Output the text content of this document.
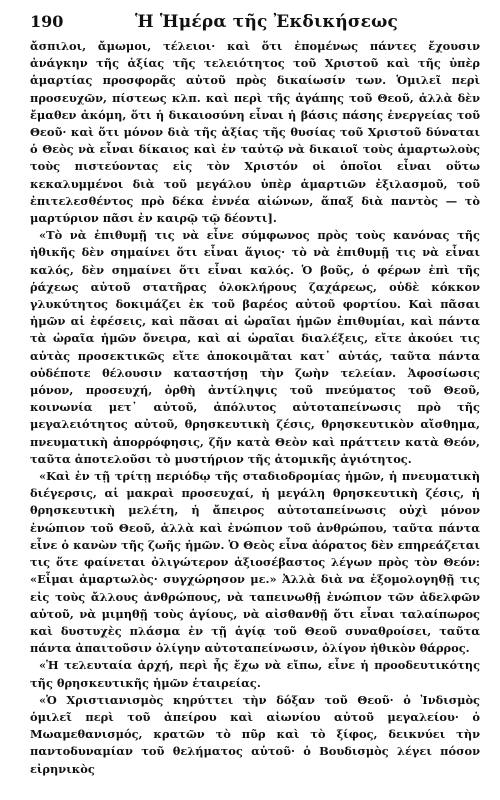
190	Ἡ Ἡμέρα τῆς Ἐκδικήσεως

ἄσπιλοι, ἄμωμοι, τέλειοι· καὶ ὅτι ἐπομένως πάντες ἔχουσιν ἀνάγκην τῆς ἀξίας τῆς τελειότητος τοῦ Χριστοῦ καὶ τῆς ὑπὲρ ἁμαρτίας προσφορᾶς αὐτοῦ πρὸς δικαίωσίν των. Ὁμιλεῖ περὶ προσευχῶν, πίστεως κλπ. καὶ περὶ τῆς ἀγάπης τοῦ Θεοῦ, ἀλλὰ δὲν ἔμαθεν ἀκόμη, ὅτι ἡ δικαιοσύνη εἶναι ἡ βάσις πάσης ἐνεργείας τοῦ Θεοῦ· καὶ ὅτι μόνον διὰ τῆς ἀξίας τῆς θυσίας τοῦ Χριστοῦ δύναται ὁ Θεὸς νὰ εἶναι δίκαιος καὶ ἐν ταὐτῷ νὰ δικαιοῖ τοὺς ἁμαρτωλοὺς τοὺς πιστεύοντας εἰς τὸν Χριστόν οἱ ὁποῖοι εἶναι οὕτω κεκαλυμμένοι διὰ τοῦ μεγάλου ὑπὲρ ἁμαρτιῶν ἐξιλασμοῦ, τοῦ ἐπιτελεσθέντος πρὸ δέκα ἐννέα αἰώνων, ἅπαξ διὰ παντὸς — τὸ μαρτύριον πᾶσι ἐν καιρῷ τῷ δέοντι].

«Τὸ νὰ ἐπιθυμῇ τις νὰ εἶνε σύμφωνος πρὸς τοὺς κανόνας τῆς ἠθικῆς δὲν σημαίνει ὅτι εἶναι ἅγιος· τὸ νὰ ἐπιθυμῇ τις νὰ εἶναι καλός, δὲν σημαίνει ὅτι εἶναι καλός. Ὁ βοῦς, ὁ φέρων ἐπὶ τῆς ῥάχεως αὐτοῦ στατῆρας ὁλοκλήρους ζαχάρεως, οὐδὲ κόκκον γλυκύτητος δοκιμάζει ἐκ τοῦ βαρέος αὐτοῦ φορτίου. Καὶ πᾶσαι ἡμῶν αἱ ἐφέσεις, καὶ πᾶσαι αἱ ὡραῖαι ἡμῶν ἐπιθυμίαι, καὶ πάντα τὰ ὡραῖα ἡμῶν ὄνειρα, καὶ αἱ ὡραῖαι διαλέξεις, εἴτε ἀκούει τις αὐτὰς προσεκτικῶς εἴτε ἀποκοιμᾶται κατ᾽ αὐτάς, ταῦτα πάντα οὐδέποτε θέλουσιν καταστήσῃ τὴν ζωὴν τελείαν. Ἀφοσίωσις μόνον, προσευχή, ὀρθὴ ἀντίληψις τοῦ πνεύματος τοῦ Θεοῦ, κοινωνία μετ᾽ αὐτοῦ, ἀπόλυτος αὐτοταπείνωσις πρὸ τῆς μεγαλειότητος αὐτοῦ, θρησκευτικὴ ζέσις, θρησκευτικὸν αἴσθημα, πνευματικὴ ἀπορρόφησις, ζῆν κατὰ Θεὸν καὶ πράττειν κατὰ Θεόν, ταῦτα ἀποτελοῦσι τὸ μυστήριον τῆς ἀτομικῆς ἁγιότητος.

«Καὶ ἐν τῇ τρίτῃ περιόδῳ τῆς σταδιοδρομίας ἡμῶν, ἡ πνευματικὴ διέγερσις, αἱ μακραὶ προσευχαί, ἡ μεγάλη θρησκευτικὴ ζέσις, ἡ θρησκευτικὴ μελέτη, ἡ ἄπειρος αὐτοταπείνωσις οὐχὶ μόνον ἐνώπιον τοῦ Θεοῦ, ἀλλὰ καὶ ἐνώπιον τοῦ ἀνθρώπου, ταῦτα πάντα εἶνε ὁ κανὼν τῆς ζωῆς ἡμῶν. Ὁ Θεὸς εἶνα ἀόρατος δὲν επηρεάζεται τις ὅτε φαίνεται ὀλιγώτερον ἀξιοσέβαστος λέγων πρὸς τὸν Θεόν: «Εἶμαι ἁμαρτωλὸς· συγχώρησον με.» Ἀλλὰ διὰ να ἐξομολογηθῇ τις εἰς τοὺς ἄλλους ἀνθρώπους, νὰ ταπεινωθῇ ἐνώπιον τῶν ἀδελφῶν αὐτοῦ, νὰ μιμηθῇ τοὺς ἁγίους, νὰ αἰσθανθῇ ὅτι εἶναι ταλαίπωρος καὶ δυστυχὲς πλάσμα ἐν τῇ ἁγίᾳ τοῦ Θεοῦ συναθροίσει, ταῦτα πάντα ἀπαιτοῦσιν ὀλίγην αὐτοταπείνωσιν, ὀλίγον ἠθικὸν θάρρος.

«Ἡ τελευταία ἀρχή, περὶ ἧς ἔχω νὰ εἴπω, εἶνε ἡ προοδευτικότης τῆς θρησκευτικῆς ἡμῶν ἑταιρείας.

«Ὁ Χριστιανισμὸς κηρύττει τὴν δόξαν τοῦ Θεοῦ· ὁ Ἰνδισμὸς ὁμιλεῖ περὶ τοῦ ἀπείρου καὶ αἰωνίου αὐτοῦ μεγαλείου· ὁ Μωαμεθανισμός, κρατῶν τὸ πῦρ καὶ τὸ ξίφος, δεικνύει τὴν παντοδυναμίαν τοῦ θελήματος αὐτοῦ· ὁ Βουδισμὸς λέγει πόσον εἰρηνικὸς
